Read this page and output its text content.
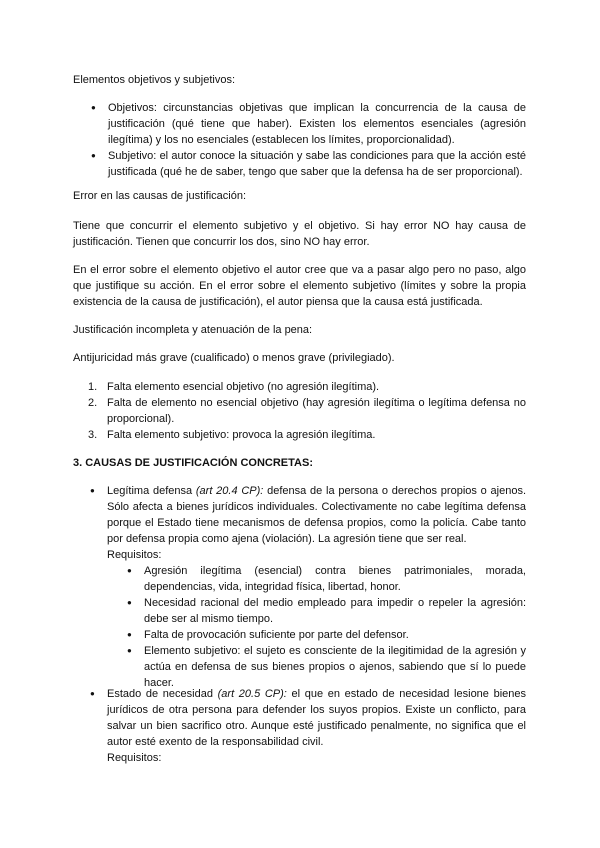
Elementos objetivos y subjetivos:

● Objetivos: circunstancias objetivas que implican la concurrencia de la causa de justificación (qué tiene que haber). Existen los elementos esenciales (agresión ilegítima) y los no esenciales (establecen los límites, proporcionalidad).
● Subjetivo: el autor conoce la situación y sabe las condiciones para que la acción esté justificada (qué he de saber, tengo que saber que la defensa ha de ser proporcional).

Error en las causas de justificación:

Tiene que concurrir el elemento subjetivo y el objetivo. Si hay error NO hay causa de justificación. Tienen que concurrir los dos, sino NO hay error.

En el error sobre el elemento objetivo el autor cree que va a pasar algo pero no paso, algo que justifique su acción. En el error sobre el elemento subjetivo (límites y sobre la propia existencia de la causa de justificación), el autor piensa que la causa está justificada.

Justificación incompleta y atenuación de la pena:

Antijuricidad más grave (cualificado) o menos grave (privilegiado).

1. Falta elemento esencial objetivo (no agresión ilegítima).
2. Falta de elemento no esencial objetivo (hay agresión ilegítima o legítima defensa no proporcional).
3. Falta elemento subjetivo: provoca la agresión ilegítima.

3. CAUSAS DE JUSTIFICACIÓN CONCRETAS:

● Legítima defensa (art 20.4 CP): defensa de la persona o derechos propios o ajenos. Sólo afecta a bienes jurídicos individuales. Colectivamente no cabe legítima defensa porque el Estado tiene mecanismos de defensa propios, como la policía. Cabe tanto por defensa propia como ajena (violación). La agresión tiene que ser real.

Requisitos:

● Agresión ilegítima (esencial) contra bienes patrimoniales, morada, dependencias, vida, integridad física, libertad, honor.
● Necesidad racional del medio empleado para impedir o repeler la agresión: debe ser al mismo tiempo.
● Falta de provocación suficiente por parte del defensor.
● Elemento subjetivo: el sujeto es consciente de la ilegitimidad de la agresión y actúa en defensa de sus bienes propios o ajenos, sabiendo que sí lo puede hacer.
● Estado de necesidad (art 20.5 CP): el que en estado de necesidad lesione bienes jurídicos de otra persona para defender los suyos propios. Existe un conflicto, para salvar un bien sacrifico otro. Aunque esté justificado penalmente, no significa que el autor esté exento de la responsabilidad civil.

Requisitos:
